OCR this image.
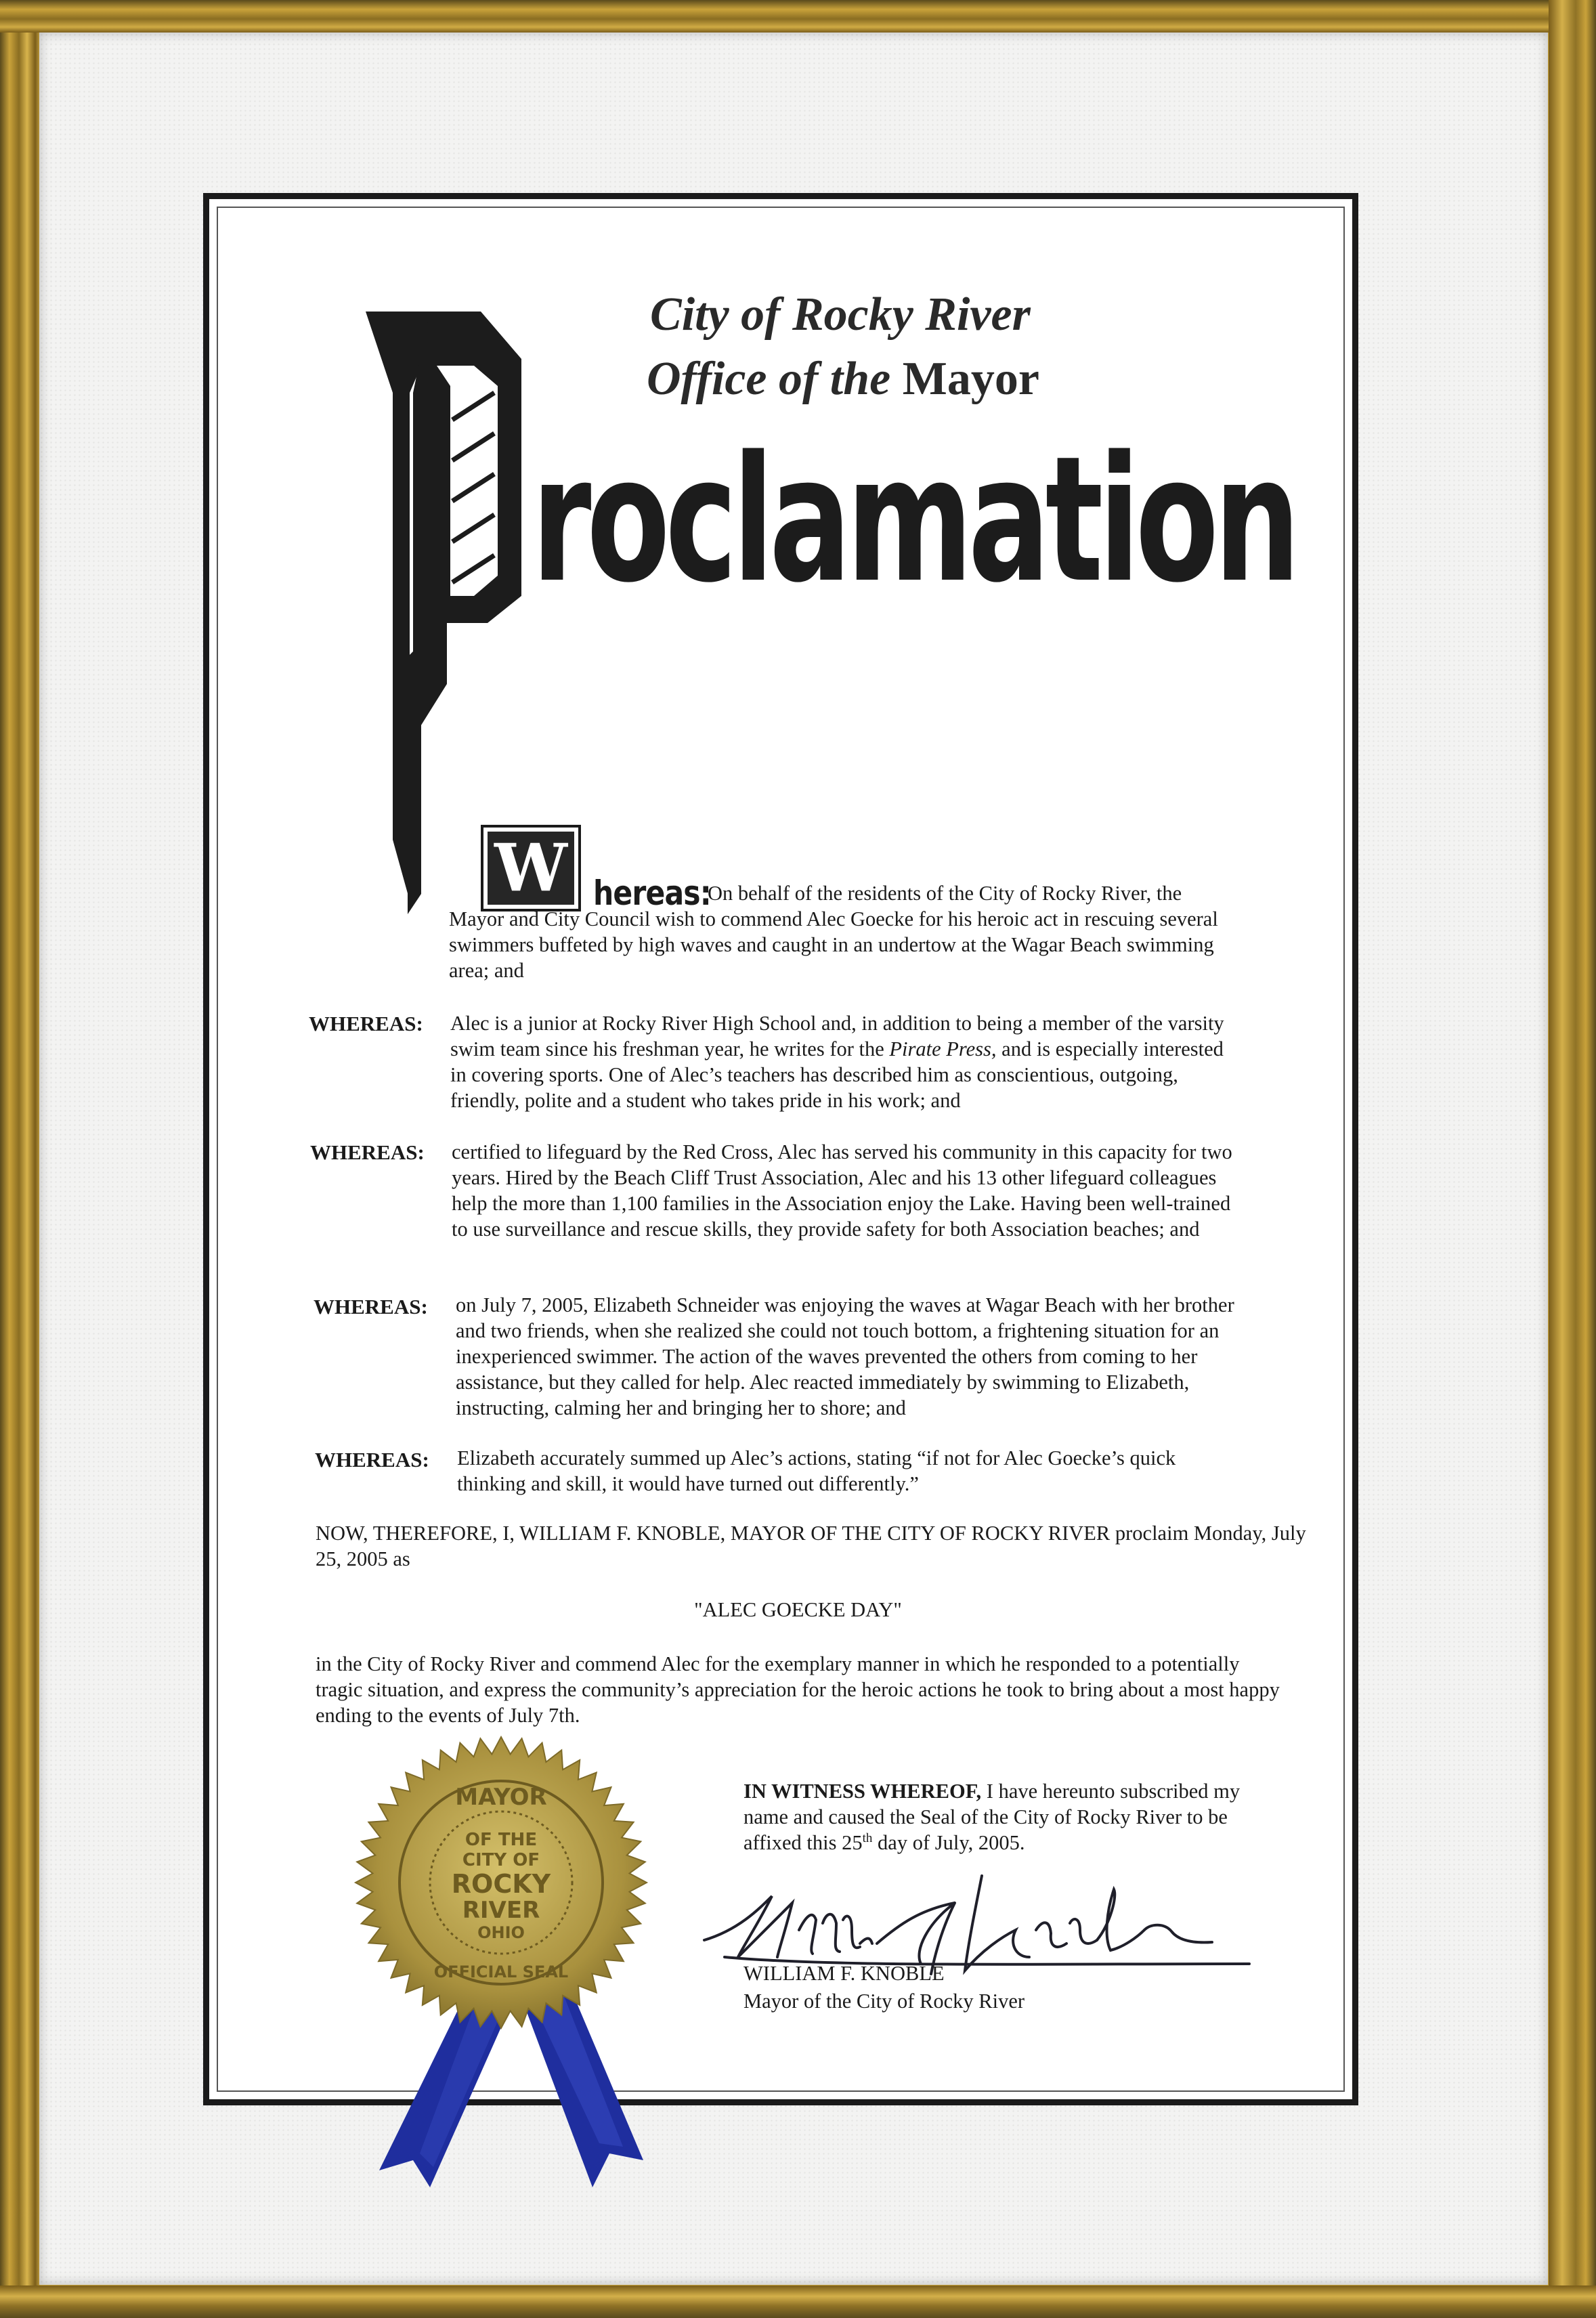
City of Rocky River
Office of the Mayor
roclamation
W hereas:
On behalf of the residents of the City of Rocky River, the
Mayor and City Council wish to commend Alec Goecke for his heroic act in rescuing several swimmers buffeted by high waves and caught in an undertow at the Wagar Beach swimming area; and
WHEREAS: Alec is a junior at Rocky River High School and, in addition to being a member of the varsity swim team since his freshman year, he writes for the Pirate Press, and is especially interested in covering sports. One of Alec’s teachers has described him as conscientious, outgoing, friendly, polite and a student who takes pride in his work; and
WHEREAS: certified to lifeguard by the Red Cross, Alec has served his community in this capacity for two years. Hired by the Beach Cliff Trust Association, Alec and his 13 other lifeguard colleagues help the more than 1,100 families in the Association enjoy the Lake. Having been well-trained to use surveillance and rescue skills, they provide safety for both Association beaches; and
WHEREAS: on July 7, 2005, Elizabeth Schneider was enjoying the waves at Wagar Beach with her brother and two friends, when she realized she could not touch bottom, a frightening situation for an inexperienced swimmer. The action of the waves prevented the others from coming to her assistance, but they called for help. Alec reacted immediately by swimming to Elizabeth, instructing, calming her and bringing her to shore; and
WHEREAS: Elizabeth accurately summed up Alec’s actions, stating “if not for Alec Goecke’s quick thinking and skill, it would have turned out differently.”
NOW, THEREFORE, I, WILLIAM F. KNOBLE, MAYOR OF THE CITY OF ROCKY RIVER proclaim Monday, July 25, 2005 as
"ALEC GOECKE DAY"
in the City of Rocky River and commend Alec for the exemplary manner in which he responded to a potentially tragic situation, and express the community’s appreciation for the heroic actions he took to bring about a most happy ending to the events of July 7th.
IN WITNESS WHEREOF, I have hereunto subscribed my name and caused the Seal of the City of Rocky River to be affixed this 25th day of July, 2005.
WILLIAM F. KNOBLE
Mayor of the City of Rocky River
MAYOR
OF THE
CITY OF
ROCKY
RIVER
OHIO
OFFICIAL SEAL
